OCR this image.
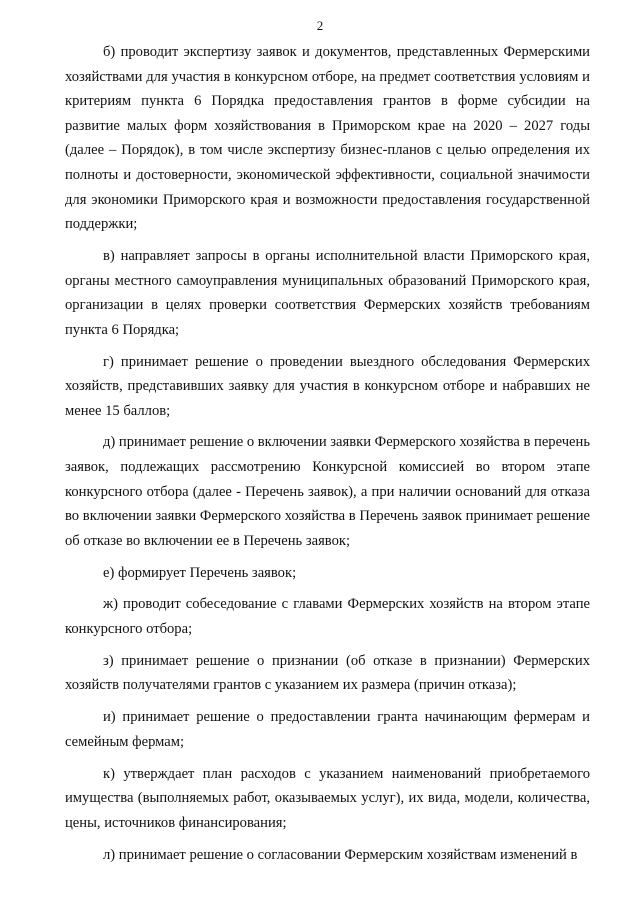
2

б) проводит экспертизу заявок и документов, представленных Фермерскими хозяйствами для участия в конкурсном отборе, на предмет соответствия условиям и критериям пункта 6 Порядка предоставления грантов в форме субсидии на развитие малых форм хозяйствования в Приморском крае на 2020 – 2027 годы (далее – Порядок), в том числе экспертизу бизнес-планов с целью определения их полноты и достоверности, экономической эффективности, социальной значимости для экономики Приморского края и возможности предоставления государственной поддержки;

в) направляет запросы в органы исполнительной власти Приморского края, органы местного самоуправления муниципальных образований Приморского края, организации в целях проверки соответствия Фермерских хозяйств требованиям пункта 6 Порядка;

г) принимает решение о проведении выездного обследования Фермерских хозяйств, представивших заявку для участия в конкурсном отборе и набравших не менее 15 баллов;

д) принимает решение о включении заявки Фермерского хозяйства в перечень заявок, подлежащих рассмотрению Конкурсной комиссией во втором этапе конкурсного отбора (далее - Перечень заявок), а при наличии оснований для отказа во включении заявки Фермерского хозяйства в Перечень заявок принимает решение об отказе во включении ее в Перечень заявок;

е) формирует Перечень заявок;

ж) проводит собеседование с главами Фермерских хозяйств на втором этапе конкурсного отбора;

з) принимает решение о признании (об отказе в признании) Фермерских хозяйств получателями грантов с указанием их размера (причин отказа);

и) принимает решение о предоставлении гранта начинающим фермерам и семейным фермам;

к) утверждает план расходов с указанием наименований приобретаемого имущества (выполняемых работ, оказываемых услуг), их вида, модели, количества, цены, источников финансирования;

л) принимает решение о согласовании Фермерским хозяйствам изменений в
